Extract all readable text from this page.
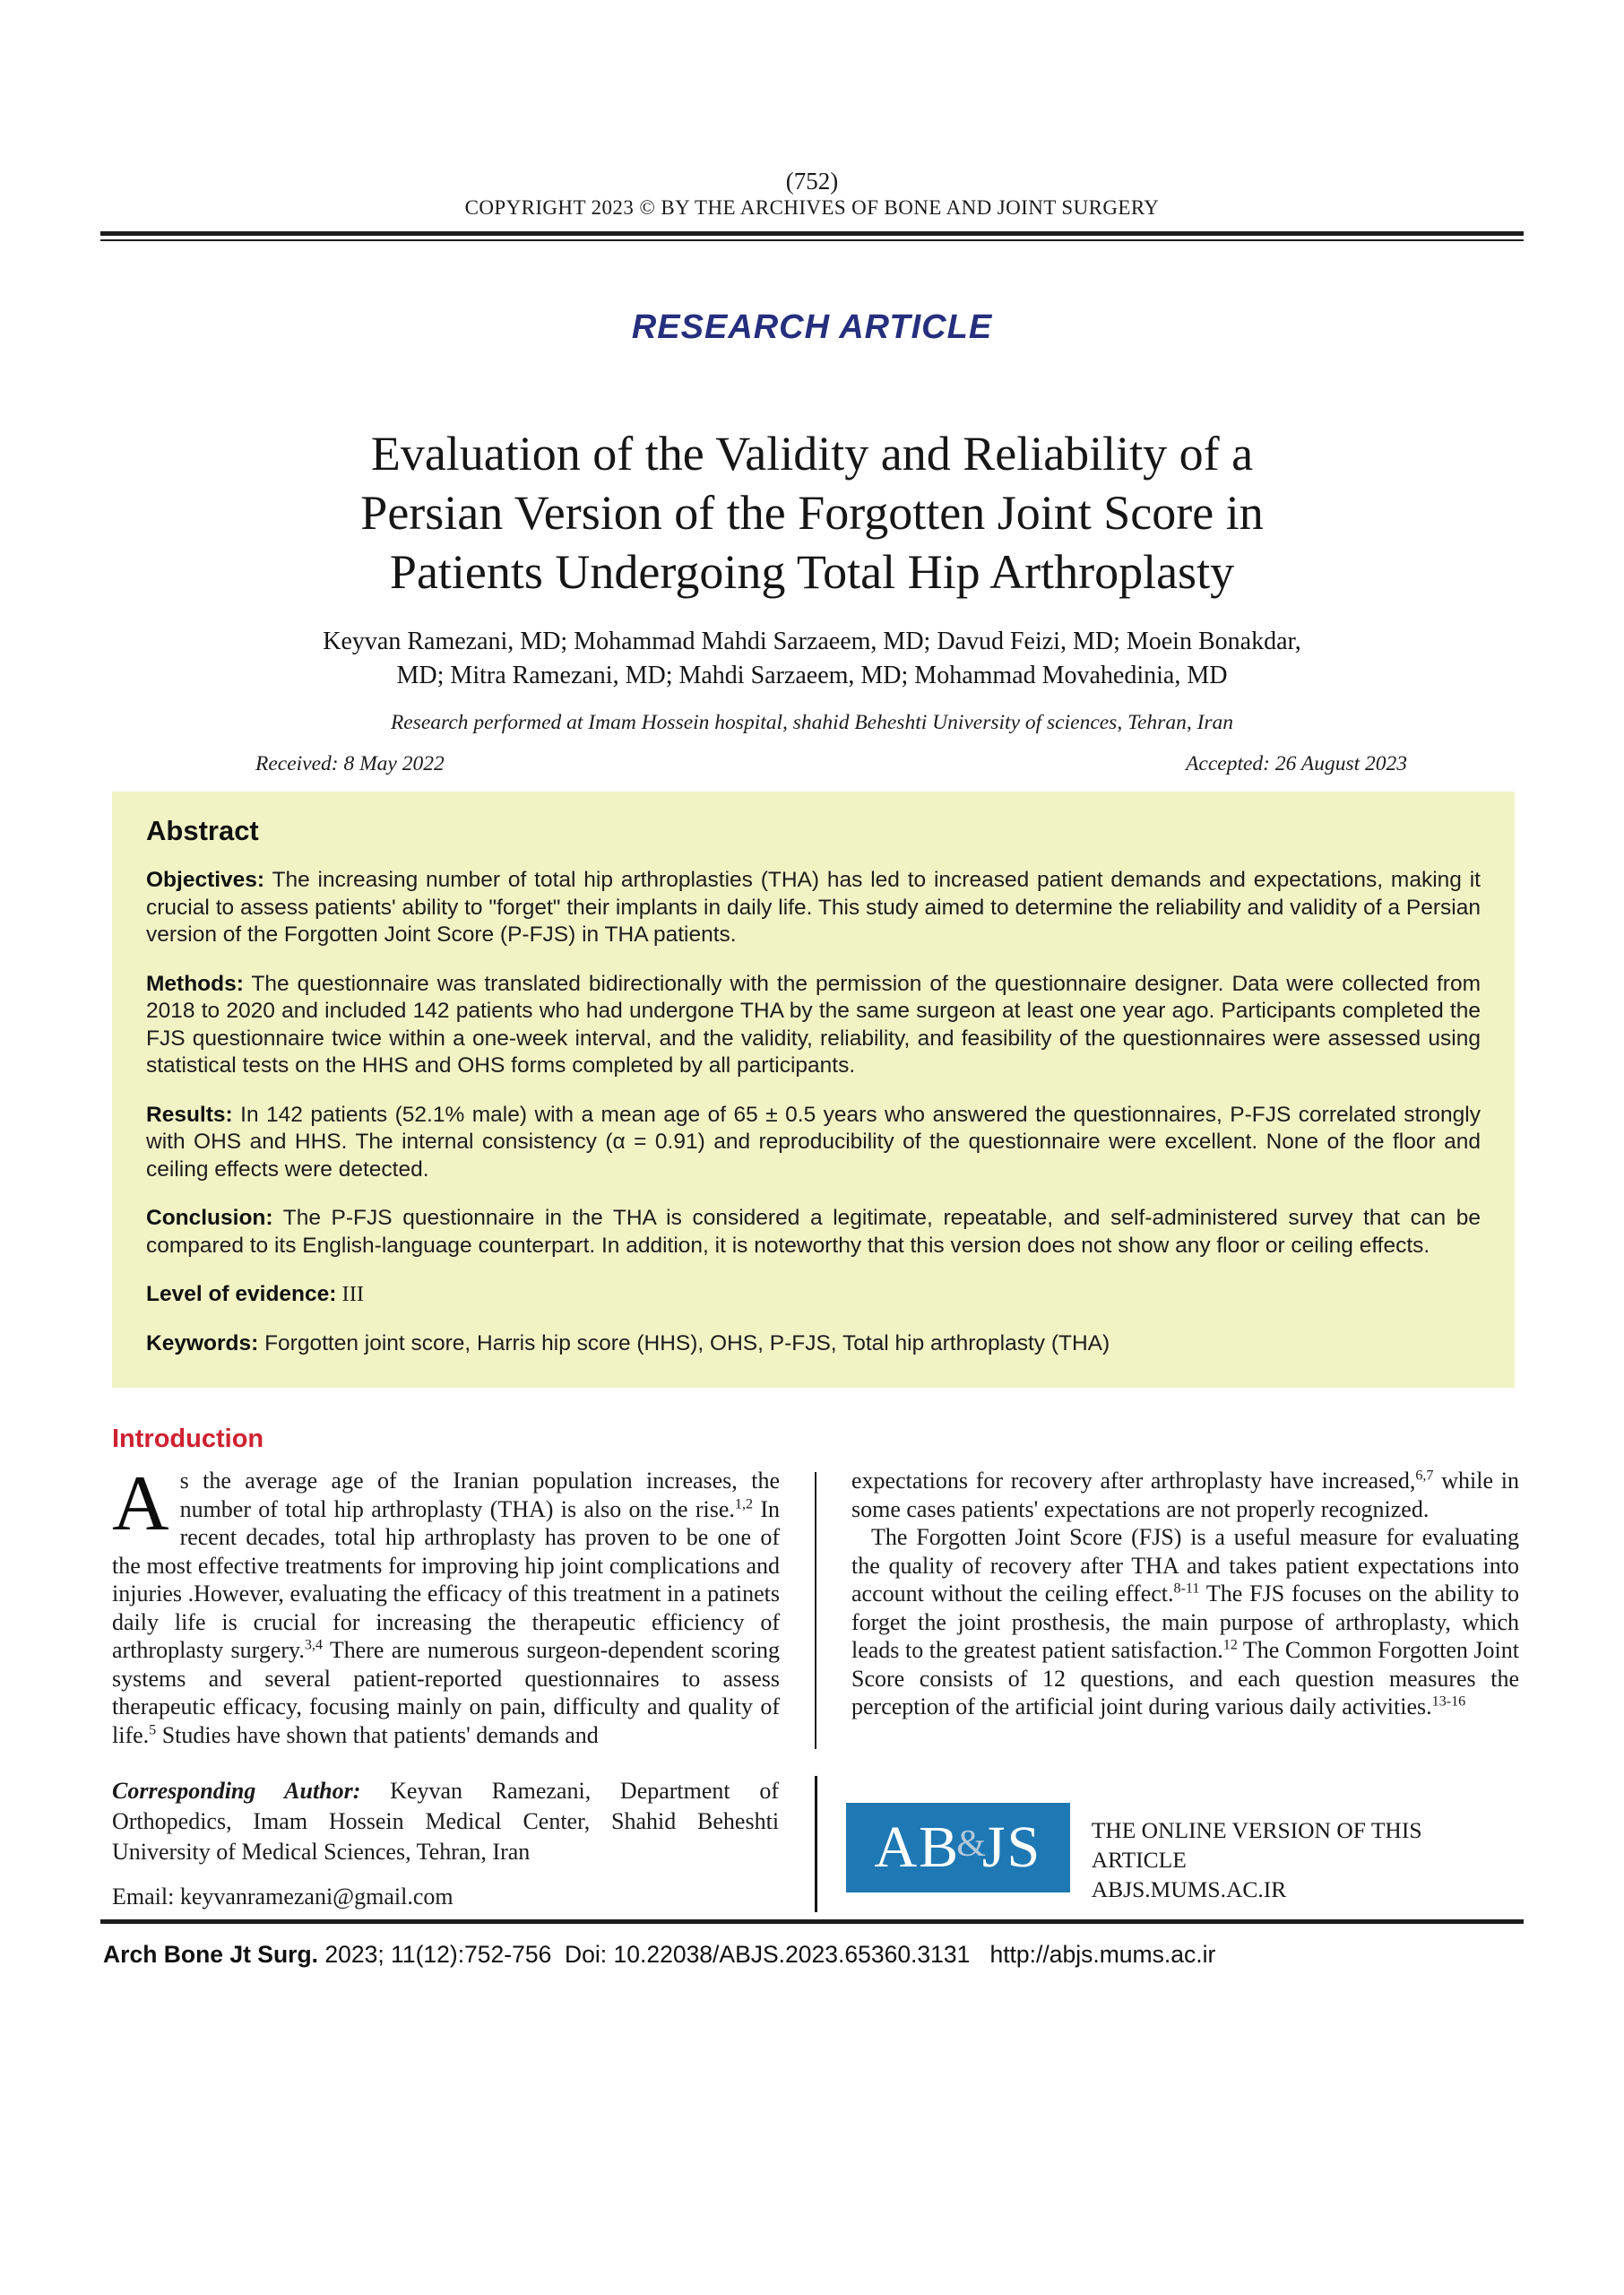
(752)
COPYRIGHT 2023 © BY THE ARCHIVES OF BONE AND JOINT SURGERY
RESEARCH ARTICLE
Evaluation of the Validity and Reliability of a
Persian Version of the Forgotten Joint Score in
Patients Undergoing Total Hip Arthroplasty
Keyvan Ramezani, MD; Mohammad Mahdi Sarzaeem, MD; Davud Feizi, MD; Moein Bonakdar,
MD; Mitra Ramezani, MD; Mahdi Sarzaeem, MD; Mohammad Movahedinia, MD
Research performed at Imam Hossein hospital, shahid Beheshti University of sciences, Tehran, Iran
Received: 8 May 2022	Accepted: 26 August 2023
Abstract

Objectives: The increasing number of total hip arthroplasties (THA) has led to increased patient demands and expectations, making it crucial to assess patients' ability to "forget" their implants in daily life. This study aimed to determine the reliability and validity of a Persian version of the Forgotten Joint Score (P-FJS) in THA patients.

Methods: The questionnaire was translated bidirectionally with the permission of the questionnaire designer. Data were collected from 2018 to 2020 and included 142 patients who had undergone THA by the same surgeon at least one year ago. Participants completed the FJS questionnaire twice within a one-week interval, and the validity, reliability, and feasibility of the questionnaires were assessed using statistical tests on the HHS and OHS forms completed by all participants.

Results: In 142 patients (52.1% male) with a mean age of 65 ± 0.5 years who answered the questionnaires, P-FJS correlated strongly with OHS and HHS. The internal consistency (α = 0.91) and reproducibility of the questionnaire were excellent. None of the floor and ceiling effects were detected.

Conclusion: The P-FJS questionnaire in the THA is considered a legitimate, repeatable, and self-administered survey that can be compared to its English-language counterpart. In addition, it is noteworthy that this version does not show any floor or ceiling effects.

Level of evidence: III

Keywords: Forgotten joint score, Harris hip score (HHS), OHS, P-FJS, Total hip arthroplasty (THA)

Introduction

As the average age of the Iranian population increases, the number of total hip arthroplasty (THA) is also on the rise.$^{1,2}$ In recent decades, total hip arthroplasty has proven to be one of the most effective treatments for improving hip joint complications and injuries .However, evaluating the efficacy of this treatment in a patinets daily life is crucial for increasing the therapeutic efficiency of arthroplasty surgery.$^{3,4}$ There are numerous surgeon-dependent scoring systems and several patient-reported questionnaires to assess therapeutic efficacy, focusing mainly on pain, difficulty and quality of life.$^5$ Studies have shown that patients' demands and

expectations for recovery after arthroplasty have increased,$^{6,7}$ while in some cases patients' expectations are not properly recognized.

The Forgotten Joint Score (FJS) is a useful measure for evaluating the quality of recovery after THA and takes patient expectations into account without the ceiling effect.$^{8-11}$ The FJS focuses on the ability to forget the joint prosthesis, the main purpose of arthroplasty, which leads to the greatest patient satisfaction.$^{12}$ The Common Forgotten Joint Score consists of 12 questions, and each question measures the perception of the artificial joint during various daily activities.$^{13-16}$

Corresponding Author: Keyvan Ramezani, Department of Orthopedics, Imam Hossein Medical Center, Shahid Beheshti University of Medical Sciences, Tehran, Iran
Email: keyvanramezani@gmail.com
AB
&
JS THE ONLINE VERSION OF THIS ARTICLE
ABJS.MUMS.AC.IR
Arch Bone Jt Surg. 2023; 11(12):752-756  Doi: 10.22038/ABJS.2023.65360.3131   http://abjs.mums.ac.ir
